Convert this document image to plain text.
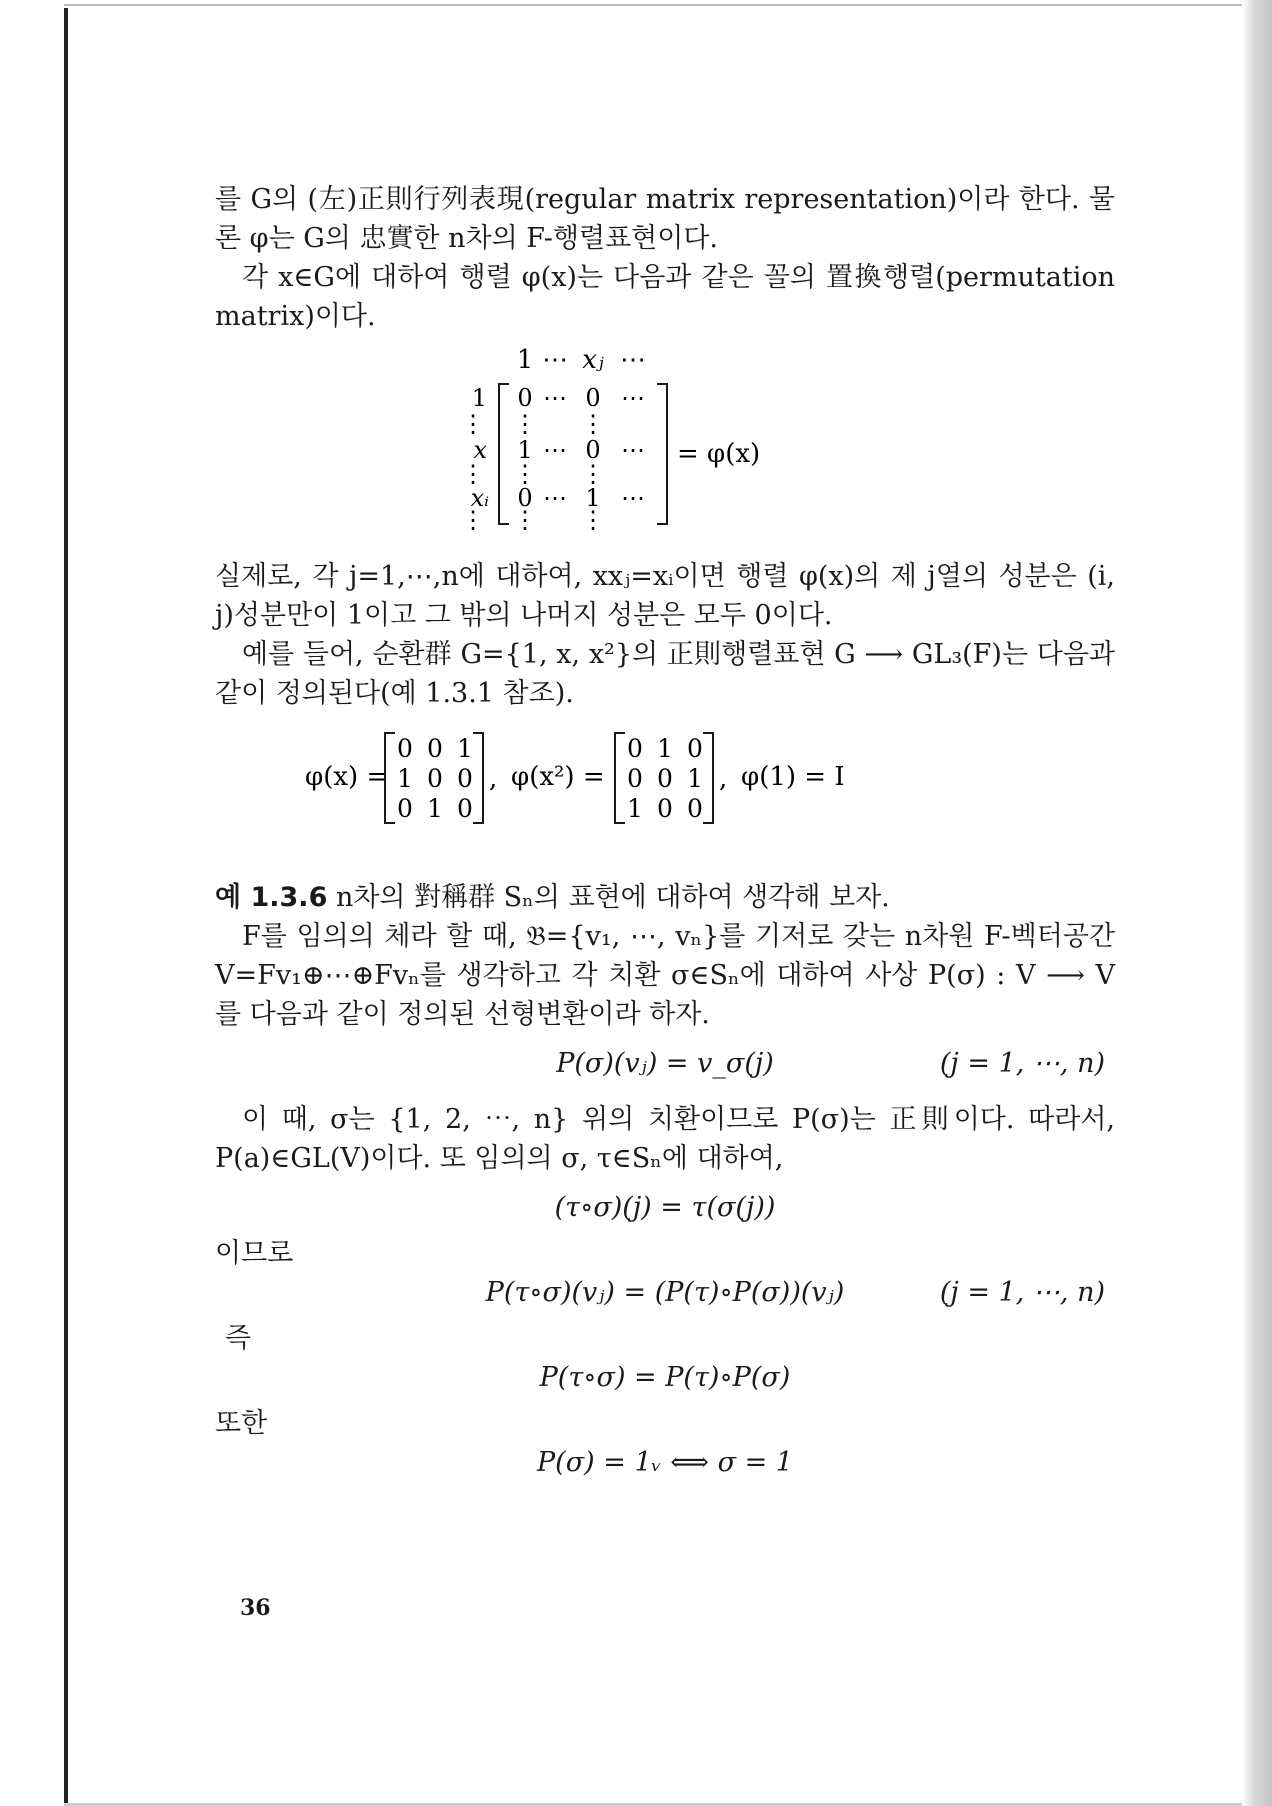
를 G의 (左)正則行列表現(regular matrix representation)이라 한다. 물론 φ는 G의 忠實한 n차의 F-행렬표현이다.

각 x∈G에 대하여 행렬 φ(x)는 다음과 같은 꼴의 置換행렬(permutation matrix)이다.

1 ⋯ xⱼ ⋯
1
⋮
x
⋮
xᵢ
⋮
0 ⋯ 0 ⋯
⋮ ⋮
1 ⋯ 0 ⋯
⋮ ⋮
0 ⋯ 1 ⋯
⋮ ⋮
= φ(x)

실제로, 각 j=1,⋯,n에 대하여, xxⱼ=xᵢ이면 행렬 φ(x)의 제 j열의 성분은 (i, j)성분만이 1이고 그 밖의 나머지 성분은 모두 0이다.

예를 들어, 순환群 G={1, x, x²}의 正則행렬표현 G ⟶ GL₃(F)는 다음과 같이 정의된다(예 1.3.1 참조).

φ(x) =
0 0 1
1 0 0
0 1 0
, φ(x²) =
0 1 0
0 0 1
1 0 0
, φ(1) = I

예 1.3.6 n차의 對稱群 Sₙ의 표현에 대하여 생각해 보자.

F를 임의의 체라 할 때, 𝔅={v₁, ⋯, vₙ}를 기저로 갖는 n차원 F-벡터공간 V=Fv₁⊕⋯⊕Fvₙ를 생각하고 각 치환 σ∈Sₙ에 대하여 사상 P(σ) : V ⟶ V를 다음과 같이 정의된 선형변환이라 하자.

P(σ)(vⱼ) = v_σ(j)	(j = 1, ⋯, n)

이 때, σ는 {1, 2, ⋯, n} 위의 치환이므로 P(σ)는 正則이다. 따라서, P(a)∈GL(V)이다. 또 임의의 σ, τ∈Sₙ에 대하여,

(τ∘σ)(j) = τ(σ(j))

이므로

P(τ∘σ)(vⱼ) = (P(τ)∘P(σ))(vⱼ)	(j = 1, ⋯, n)

즉

P(τ∘σ) = P(τ)∘P(σ)

또한

P(σ) = 1ᵥ ⟺ σ = 1
36
